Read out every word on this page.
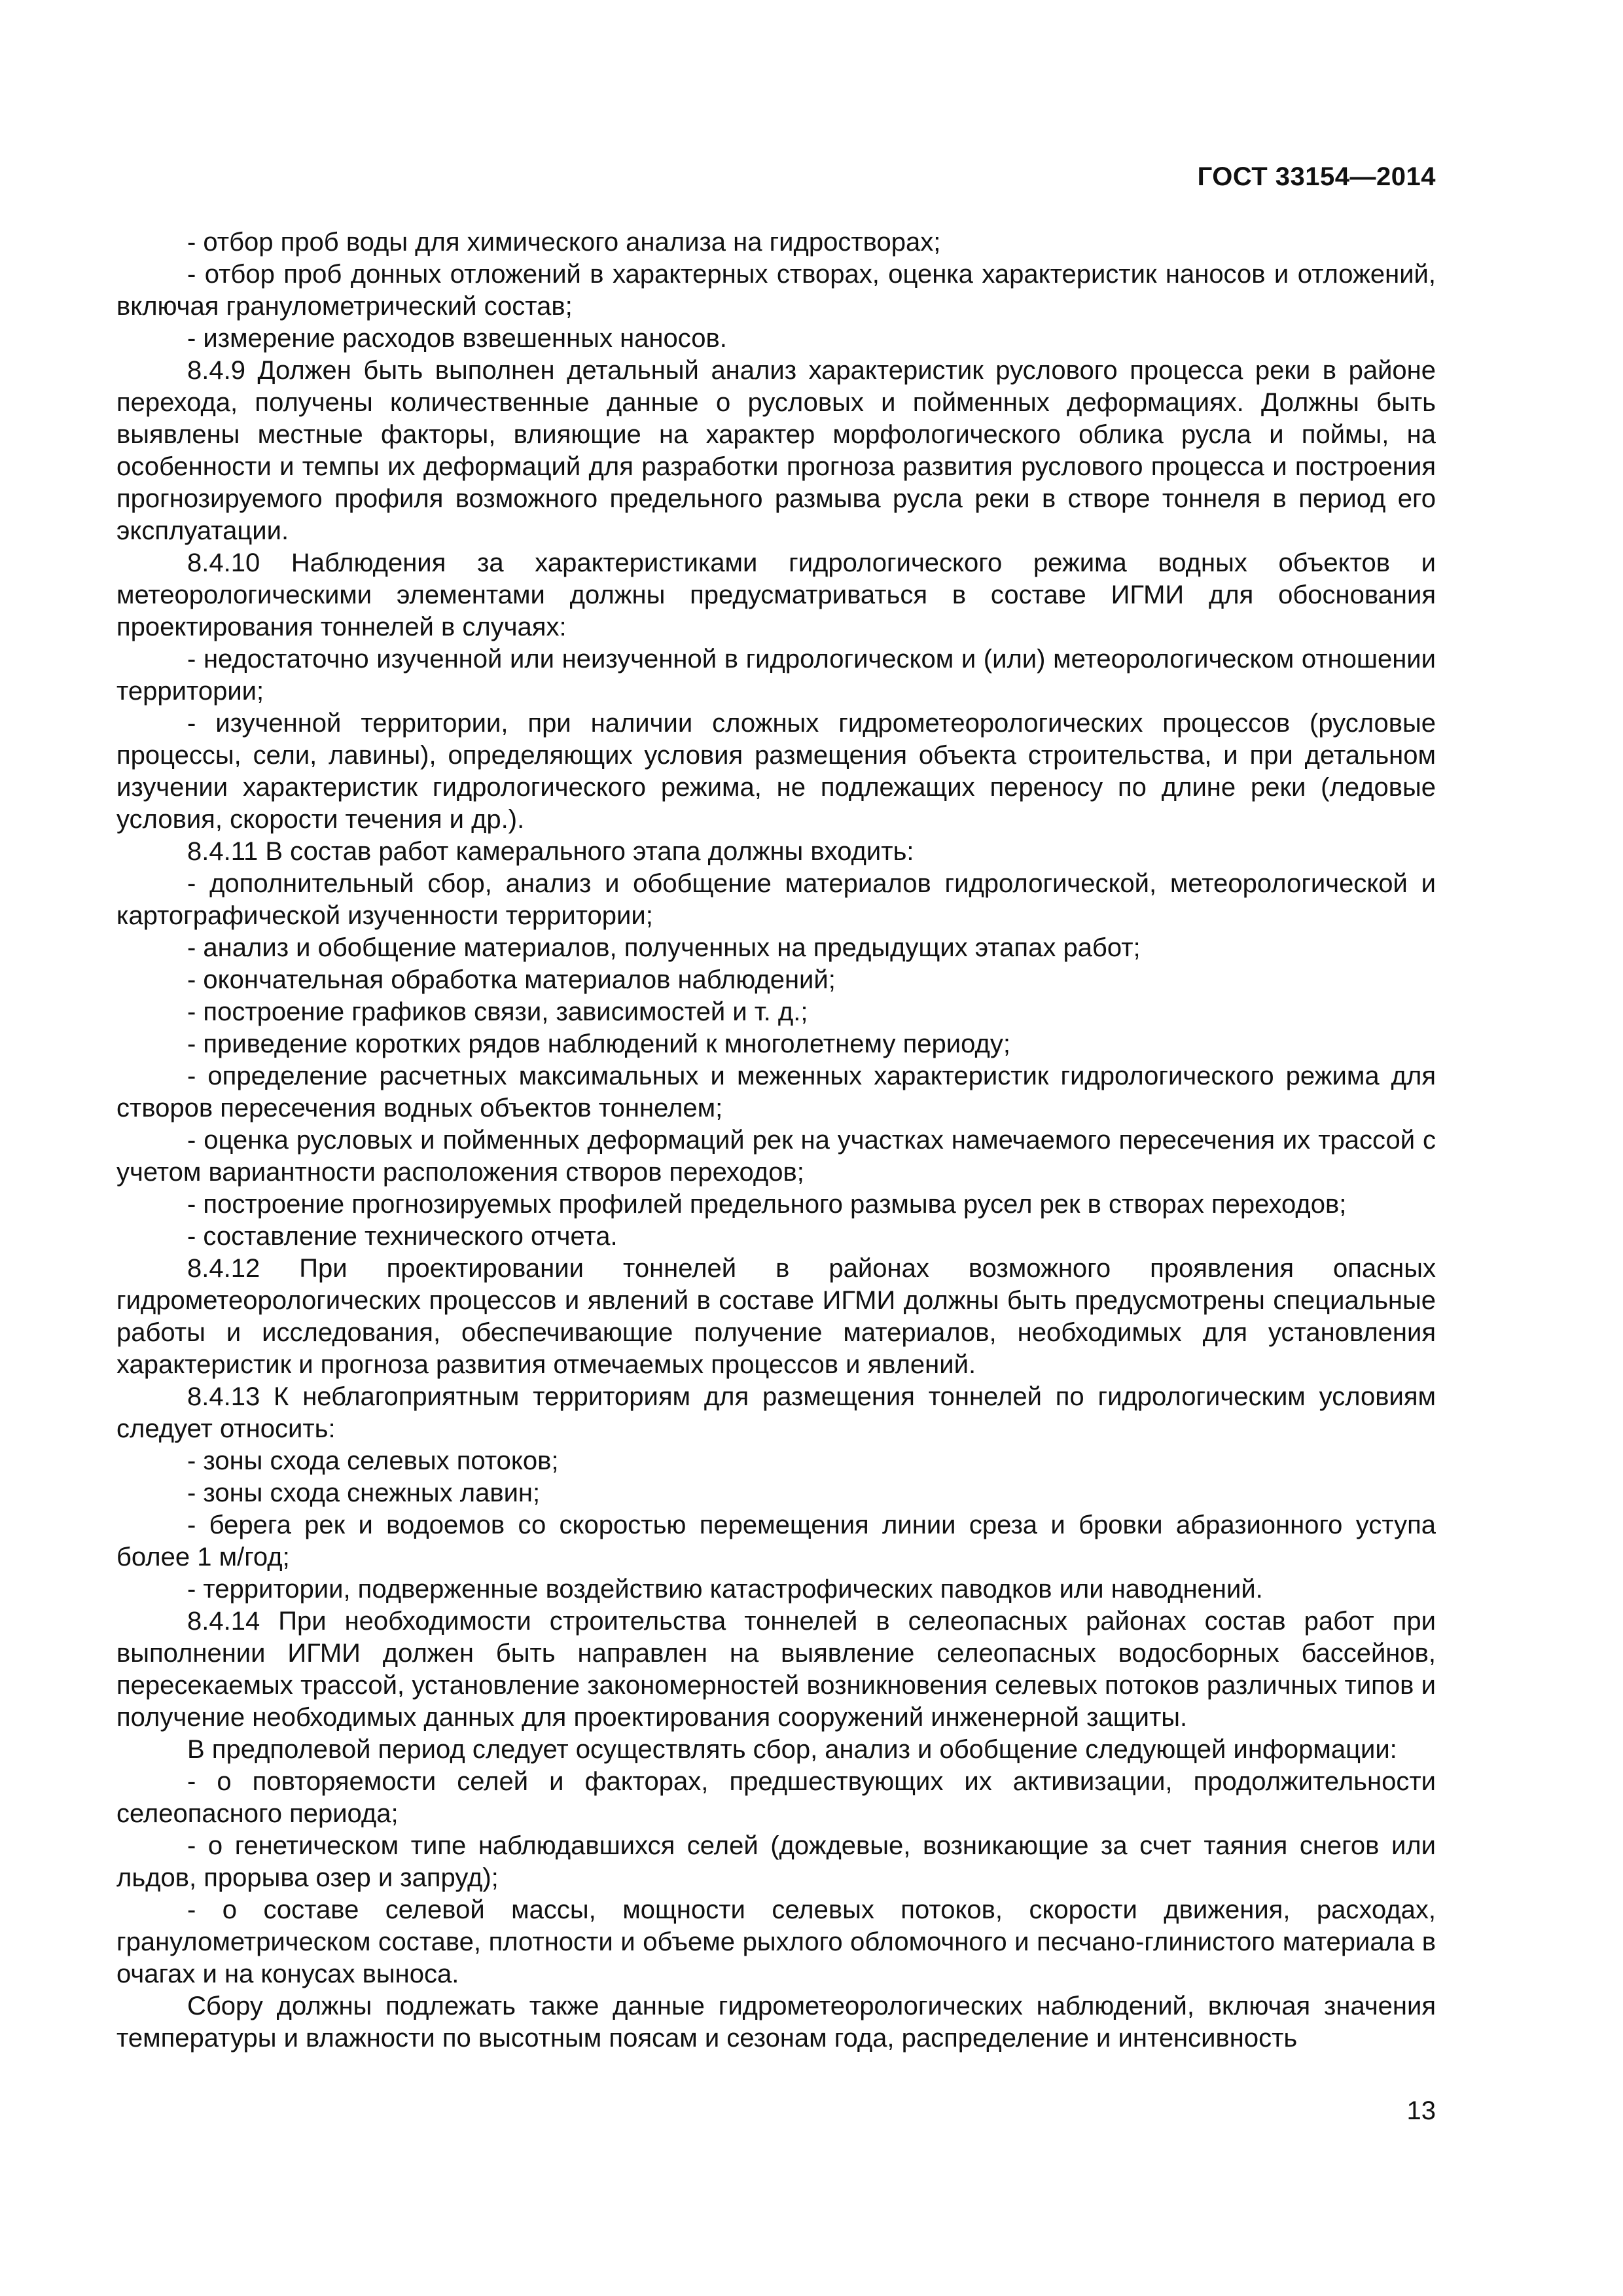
ГОСТ 33154—2014

- отбор проб воды для химического анализа на гидростворах;

- отбор проб донных отложений в характерных створах, оценка характеристик наносов и отложений, включая гранулометрический состав;

- измерение расходов взвешенных наносов.

8.4.9 Должен быть выполнен детальный анализ характеристик руслового процесса реки в районе перехода, получены количественные данные о русловых и пойменных деформациях. Должны быть выявлены местные факторы, влияющие на характер морфологического облика русла и поймы, на особенности и темпы их деформаций для разработки прогноза развития руслового процесса и построения прогнозируемого профиля возможного предельного размыва русла реки в створе тоннеля в период его эксплуатации.

8.4.10 Наблюдения за характеристиками гидрологического режима водных объектов и метеорологическими элементами должны предусматриваться в составе ИГМИ для обоснования проектирования тоннелей в случаях:

- недостаточно изученной или неизученной в гидрологическом и (или) метеорологическом отношении территории;

- изученной территории, при наличии сложных гидрометеорологических процессов (русловые процессы, сели, лавины), определяющих условия размещения объекта строительства, и при детальном изучении характеристик гидрологического режима, не подлежащих переносу по длине реки (ледовые условия, скорости течения и др.).

8.4.11 В состав работ камерального этапа должны входить:

- дополнительный сбор, анализ и обобщение материалов гидрологической, метеорологической и картографической изученности территории;

- анализ и обобщение материалов, полученных на предыдущих этапах работ;

- окончательная обработка материалов наблюдений;

- построение графиков связи, зависимостей и т. д.;

- приведение коротких рядов наблюдений к многолетнему периоду;

- определение расчетных максимальных и меженных характеристик гидрологического режима для створов пересечения водных объектов тоннелем;

- оценка русловых и пойменных деформаций рек на участках намечаемого пересечения их трассой с учетом вариантности расположения створов переходов;

- построение прогнозируемых профилей предельного размыва русел рек в створах переходов;

- составление технического отчета.

8.4.12 При проектировании тоннелей в районах возможного проявления опасных гидрометеорологических процессов и явлений в составе ИГМИ должны быть предусмотрены специальные работы и исследования, обеспечивающие получение материалов, необходимых для установления характеристик и прогноза развития отмечаемых процессов и явлений.

8.4.13 К неблагоприятным территориям для размещения тоннелей по гидрологическим условиям следует относить:

- зоны схода селевых потоков;

- зоны схода снежных лавин;

- берега рек и водоемов со скоростью перемещения линии среза и бровки абразионного уступа более 1 м/год;

- территории, подверженные воздействию катастрофических паводков или наводнений.

8.4.14 При необходимости строительства тоннелей в селеопасных районах состав работ при выполнении ИГМИ должен быть направлен на выявление селеопасных водосборных бассейнов, пересекаемых трассой, установление закономерностей возникновения селевых потоков различных типов и получение необходимых данных для проектирования сооружений инженерной защиты.

В предполевой период следует осуществлять сбор, анализ и обобщение следующей информации:

- о повторяемости селей и факторах, предшествующих их активизации, продолжительности селеопасного периода;

- о генетическом типе наблюдавшихся селей (дождевые, возникающие за счет таяния снегов или льдов, прорыва озер и запруд);

- о составе селевой массы, мощности селевых потоков, скорости движения, расходах, гранулометрическом составе, плотности и объеме рыхлого обломочного и песчано-глинистого материала в очагах и на конусах выноса.

Сбору должны подлежать также данные гидрометеорологических наблюдений, включая значения температуры и влажности по высотным поясам и сезонам года, распределение и интенсивность

13
